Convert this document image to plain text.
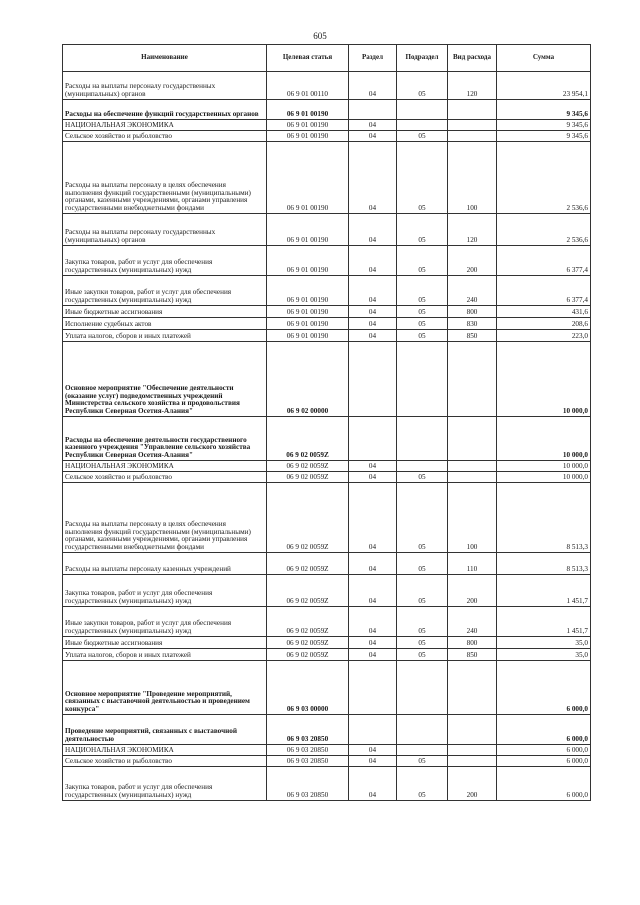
605
Наименование	Целевая статья	Раздел	Подраздел	Вид расхода	Сумма
Расходы на выплаты персоналу государственных (муниципальных) органов	06 9 01 00110	04	05	120	23 954,1
Расходы на обеспечение функций государственных органов	06 9 01 00190				9 345,6
НАЦИОНАЛЬНАЯ ЭКОНОМИКА	06 9 01 00190	04			9 345,6
Сельское хозяйство и рыболовство	06 9 01 00190	04	05		9 345,6
Расходы на выплаты персоналу в целях обеспечения выполнения функций государственными (муниципальными) органами, казенными учреждениями, органами управления государственными внебюджетными фондами	06 9 01 00190	04	05	100	2 536,6
Расходы на выплаты персоналу государственных (муниципальных) органов	06 9 01 00190	04	05	120	2 536,6
Закупка товаров, работ и услуг для обеспечения государственных (муниципальных) нужд	06 9 01 00190	04	05	200	6 377,4
Иные закупки товаров, работ и услуг для обеспечения государственных (муниципальных) нужд	06 9 01 00190	04	05	240	6 377,4
Иные бюджетные ассигнования	06 9 01 00190	04	05	800	431,6
Исполнение судебных актов	06 9 01 00190	04	05	830	208,6
Уплата налогов, сборов и иных платежей	06 9 01 00190	04	05	850	223,0
Основное мероприятие "Обеспечение деятельности (оказание услуг) подведомственных учреждений Министерства сельского хозяйства и продовольствия Республики Северная Осетия-Алания"	06 9 02 00000				10 000,0
Расходы на обеспечение деятельности государственного казенного учреждения "Управление сельского хозяйства Республики Северная Осетия-Алания"	06 9 02 0059Z				10 000,0
НАЦИОНАЛЬНАЯ ЭКОНОМИКА	06 9 02 0059Z	04			10 000,0
Сельское хозяйство и рыболовство	06 9 02 0059Z	04	05		10 000,0
Расходы на выплаты персоналу в целях обеспечения выполнения функций государственными (муниципальными) органами, казенными учреждениями, органами управления государственными внебюджетными фондами	06 9 02 0059Z	04	05	100	8 513,3
Расходы на выплаты персоналу казенных учреждений	06 9 02 0059Z	04	05	110	8 513,3
Закупка товаров, работ и услуг для обеспечения государственных (муниципальных) нужд	06 9 02 0059Z	04	05	200	1 451,7
Иные закупки товаров, работ и услуг для обеспечения государственных (муниципальных) нужд	06 9 02 0059Z	04	05	240	1 451,7
Иные бюджетные ассигнования	06 9 02 0059Z	04	05	800	35,0
Уплата налогов, сборов и иных платежей	06 9 02 0059Z	04	05	850	35,0
Основное мероприятие "Проведение мероприятий, связанных с выставочной деятельностью и проведением конкурса"	06 9 03 00000				6 000,0
Проведение мероприятий, связанных с выставочной деятельностью	06 9 03 20850				6 000,0
НАЦИОНАЛЬНАЯ ЭКОНОМИКА	06 9 03 20850	04			6 000,0
Сельское хозяйство и рыболовство	06 9 03 20850	04	05		6 000,0
Закупка товаров, работ и услуг для обеспечения государственных (муниципальных) нужд	06 9 03 20850	04	05	200	6 000,0
